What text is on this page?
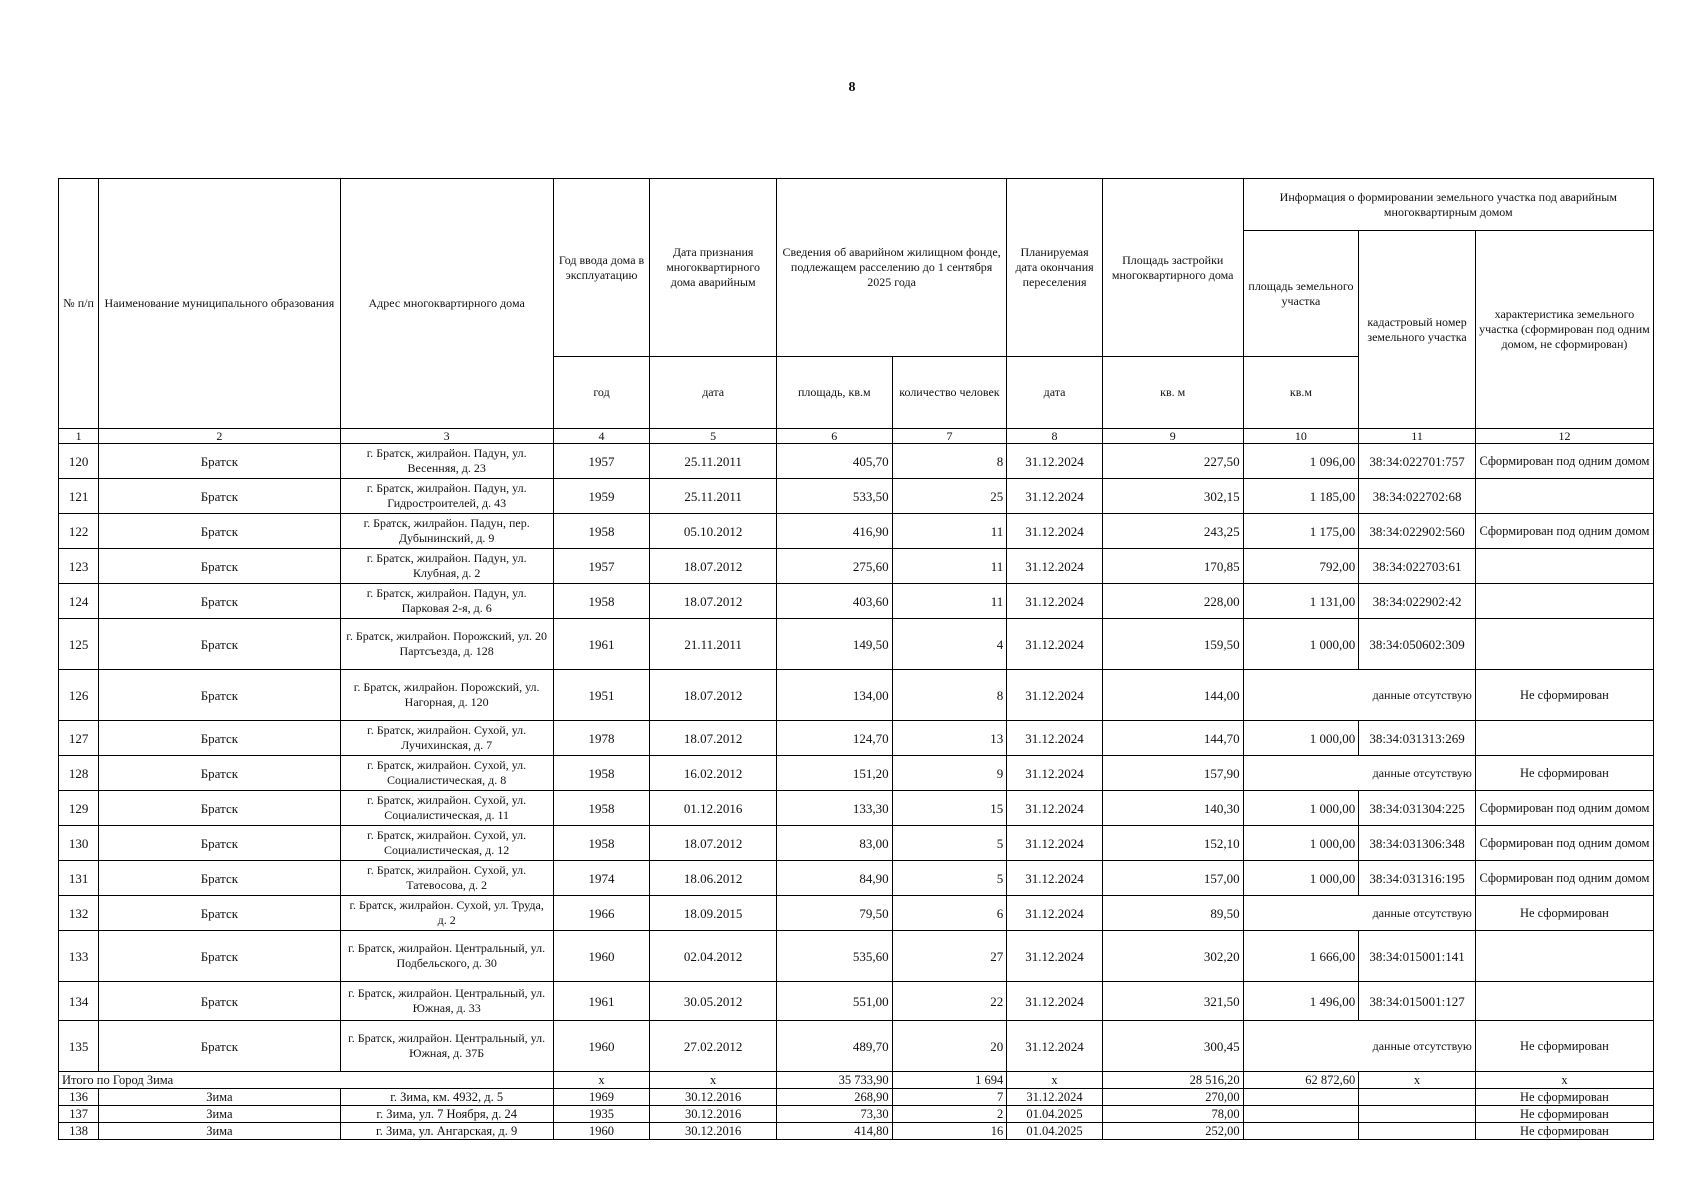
8
№ п/п	Наименование муниципального образования	Адрес многоквартирного дома	Год ввода дома в эксплуатацию	Дата признания многоквартирного дома аварийным	Сведения об аварийном жилищном фонде, подлежащем расселению до 1 сентября 2025 года		Планируемая дата окончания переселения	Площадь застройки многоквартирного дома	Информация о формировании земельного участка под аварийным многоквартирным домом		
									площадь земельного участка	кадастровый номер земельного участка	характеристика земельного участка (сформирован под одним домом, не сформирован)
			год	дата	площадь, кв.м	количество человек	дата	кв. м	кв.м		
1	2	3	4	5	6	7	8	9	10	11	12
120	Братск	г. Братск, жилрайон. Падун, ул. Весенняя, д. 23	1957	25.11.2011	405,70	8	31.12.2024	227,50	1 096,00	38:34:022701:757	Сформирован под одним домом
121	Братск	г. Братск, жилрайон. Падун, ул. Гидростроителей, д. 43	1959	25.11.2011	533,50	25	31.12.2024	302,15	1 185,00	38:34:022702:68	
122	Братск	г. Братск, жилрайон. Падун, пер. Дубынинский, д. 9	1958	05.10.2012	416,90	11	31.12.2024	243,25	1 175,00	38:34:022902:560	Сформирован под одним домом
123	Братск	г. Братск, жилрайон. Падун, ул. Клубная, д. 2	1957	18.07.2012	275,60	11	31.12.2024	170,85	792,00	38:34:022703:61	
124	Братск	г. Братск, жилрайон. Падун, ул. Парковая 2-я, д. 6	1958	18.07.2012	403,60	11	31.12.2024	228,00	1 131,00	38:34:022902:42	
125	Братск	г. Братск, жилрайон. Порожский, ул. 20 Партсъезда, д. 128	1961	21.11.2011	149,50	4	31.12.2024	159,50	1 000,00	38:34:050602:309	
126	Братск	г. Братск, жилрайон. Порожский, ул. Нагорная, д. 120	1951	18.07.2012	134,00	8	31.12.2024	144,00	данные отсутствую		Не сформирован
127	Братск	г. Братск, жилрайон. Сухой, ул. Лучихинская, д. 7	1978	18.07.2012	124,70	13	31.12.2024	144,70	1 000,00	38:34:031313:269	
128	Братск	г. Братск, жилрайон. Сухой, ул. Социалистическая, д. 8	1958	16.02.2012	151,20	9	31.12.2024	157,90	данные отсутствую		Не сформирован
129	Братск	г. Братск, жилрайон. Сухой, ул. Социалистическая, д. 11	1958	01.12.2016	133,30	15	31.12.2024	140,30	1 000,00	38:34:031304:225	Сформирован под одним домом
130	Братск	г. Братск, жилрайон. Сухой, ул. Социалистическая, д. 12	1958	18.07.2012	83,00	5	31.12.2024	152,10	1 000,00	38:34:031306:348	Сформирован под одним домом
131	Братск	г. Братск, жилрайон. Сухой, ул. Татевосова, д. 2	1974	18.06.2012	84,90	5	31.12.2024	157,00	1 000,00	38:34:031316:195	Сформирован под одним домом
132	Братск	г. Братск, жилрайон. Сухой, ул. Труда, д. 2	1966	18.09.2015	79,50	6	31.12.2024	89,50	данные отсутствую		Не сформирован
133	Братск	г. Братск, жилрайон. Центральный, ул. Подбельского, д. 30	1960	02.04.2012	535,60	27	31.12.2024	302,20	1 666,00	38:34:015001:141	
134	Братск	г. Братск, жилрайон. Центральный, ул. Южная, д. 33	1961	30.05.2012	551,00	22	31.12.2024	321,50	1 496,00	38:34:015001:127	
135	Братск	г. Братск, жилрайон. Центральный, ул. Южная, д. 37Б	1960	27.02.2012	489,70	20	31.12.2024	300,45	данные отсутствую		Не сформирован
Итого по Город Зима			x	x	35 733,90	1 694	x	28 516,20	62 872,60	x	x
136	Зима	г. Зима, км. 4932, д. 5	1969	30.12.2016	268,90	7	31.12.2024	270,00			Не сформирован
137	Зима	г. Зима, ул. 7 Ноября, д. 24	1935	30.12.2016	73,30	2	01.04.2025	78,00			Не сформирован
138	Зима	г. Зима, ул. Ангарская, д. 9	1960	30.12.2016	414,80	16	01.04.2025	252,00			Не сформирован
